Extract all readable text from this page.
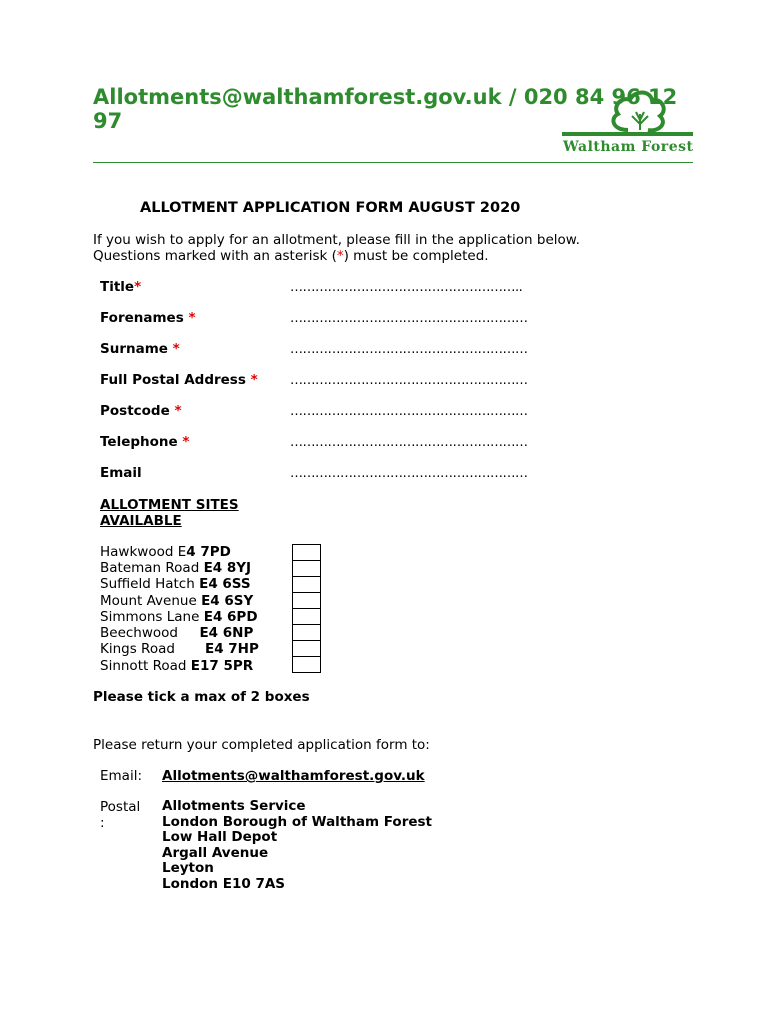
Allotments@walthamforest.gov.uk / 020 84 96 12 97
Waltham Forest
ALLOTMENT APPLICATION FORM AUGUST 2020
If you wish to apply for an allotment, please fill in the application below.
Questions marked with an asterisk (*) must be completed.
Title*	………………………………………………..
Forenames *	…………………………………………………
Surname *	…………………………………………………
Full Postal Address * …………………………………………………
Postcode *	…………………………………………………
Telephone *	…………………………………………………
Email	…………………………………………………
ALLOTMENT SITES AVAILABLE
Hawkwood E4 7PD
Bateman Road E4 8YJ
Suffield Hatch E4 6SS
Mount Avenue E4 6SY
Simmons Lane E4 6PD
Beechwood     E4 6NP
Kings Road       E4 7HP
Sinnott Road E17 5PR
Please tick a max of 2 boxes
Please return your completed application form to:
Email: Allotments@walthamforest.gov.uk
Postal
:
Allotments Service
London Borough of Waltham Forest
Low Hall Depot
Argall Avenue
Leyton
London E10 7AS
